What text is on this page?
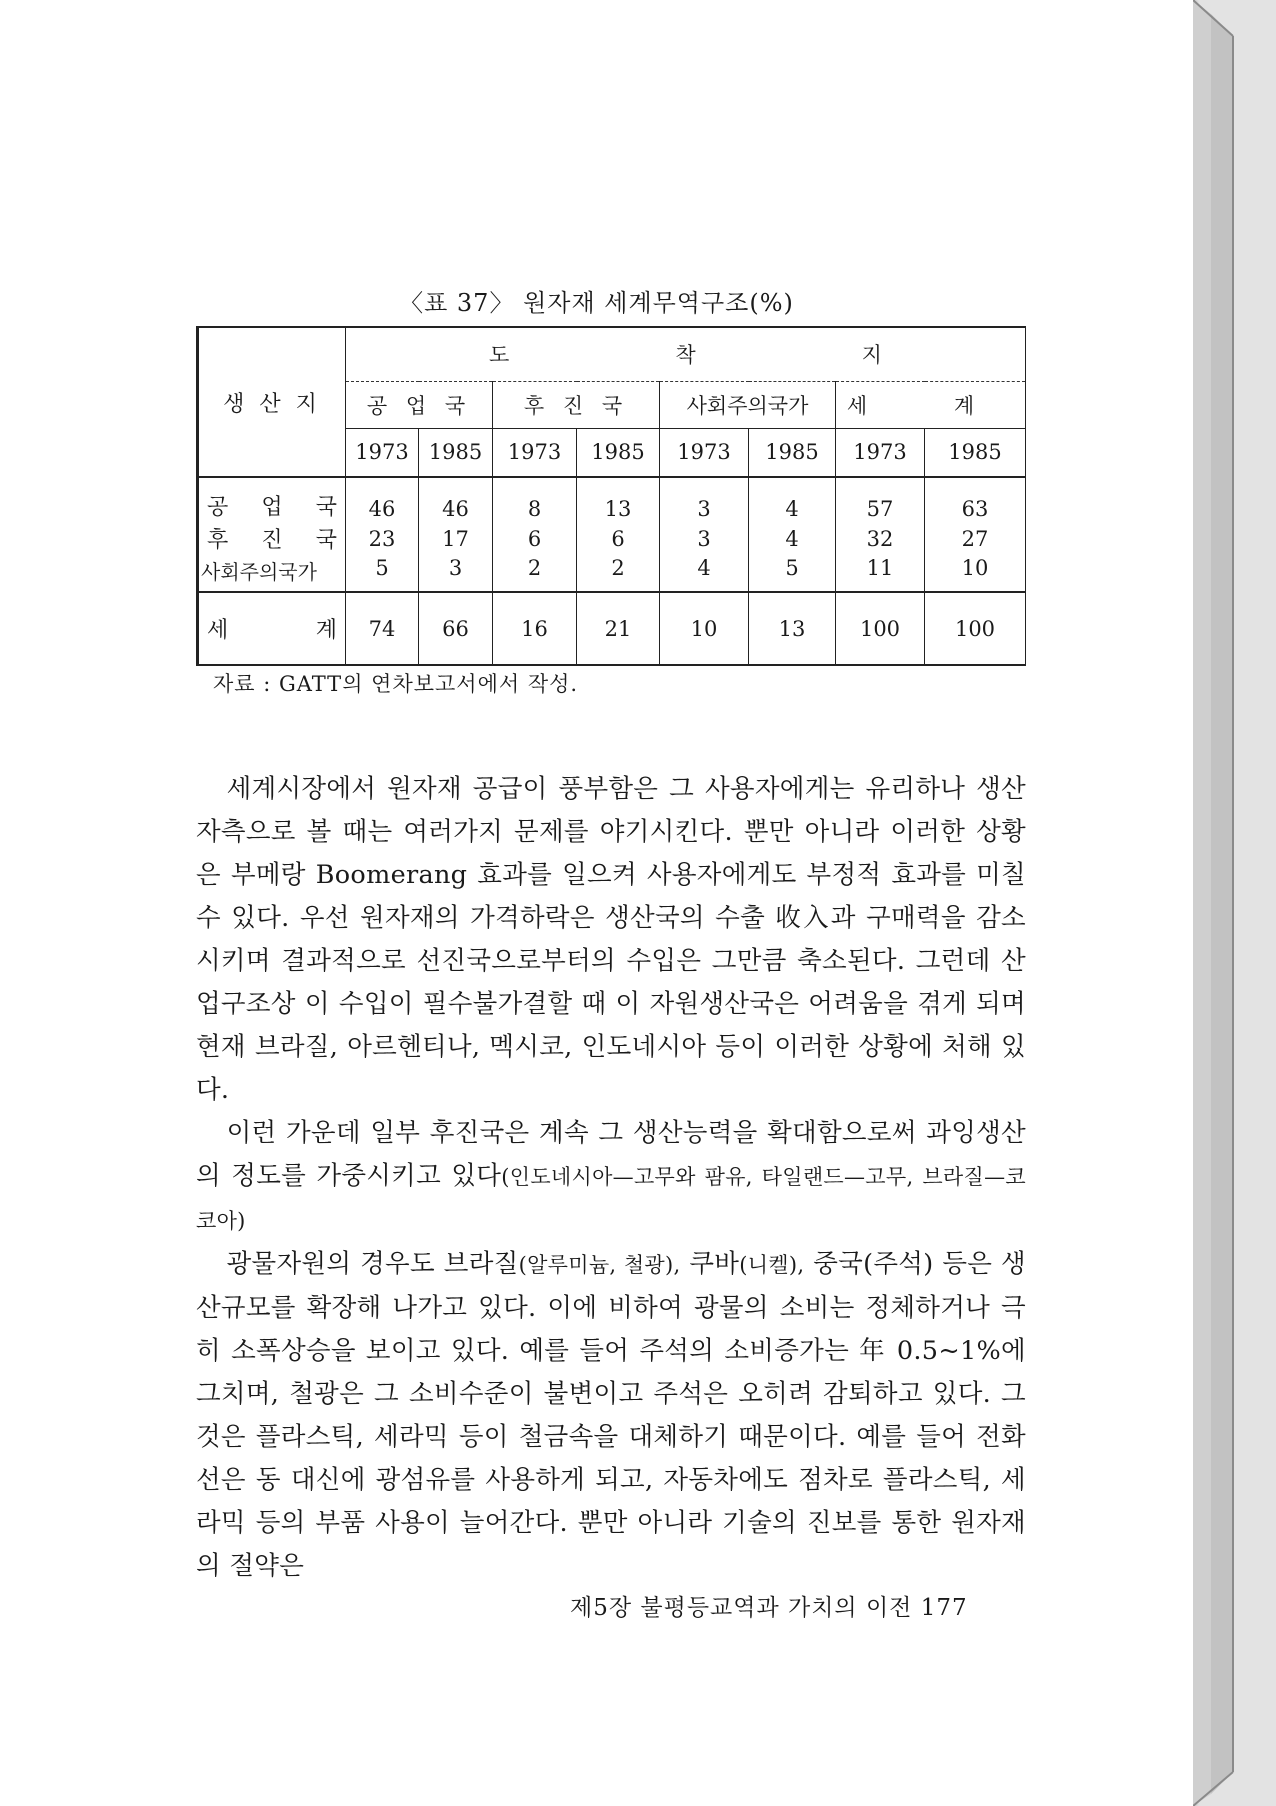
〈표 37〉 원자재 세계무역구조(%)
생 산 지	도 착 지							

	공 업 국		후 진 국		사회주의국가		세 계	
	1973	1985	1973	1985	1973	1985	1973	1985
공 업 국	46	46	8	13	3	4	57	63
후 진 국	23	17	6	6	3	4	32	27
사회주의국가	5	3	2	2	4	5	11	10
세 계	74	66	16	21	10	13	100	100
자료 : GATT의 연차보고서에서 작성.

세계시장에서 원자재 공급이 풍부함은 그 사용자에게는 유리하나 생산자측으로 볼 때는 여러가지 문제를 야기시킨다. 뿐만 아니라 이러한 상황은 부메랑 Boomerang 효과를 일으켜 사용자에게도 부정적 효과를 미칠 수 있다. 우선 원자재의 가격하락은 생산국의 수출 收入과 구매력을 감소시키며 결과적으로 선진국으로부터의 수입은 그만큼 축소된다. 그런데 산업구조상 이 수입이 필수불가결할 때 이 자원생산국은 어려움을 겪게 되며 현재 브라질, 아르헨티나, 멕시코, 인도네시아 등이 이러한 상황에 처해 있다.

이런 가운데 일부 후진국은 계속 그 생산능력을 확대함으로써 과잉생산의 정도를 가중시키고 있다(인도네시아—고무와 팜유, 타일랜드—고무, 브라질—코코아)

광물자원의 경우도 브라질(알루미늄, 철광), 쿠바(니켈), 중국(주석) 등은 생산규모를 확장해 나가고 있다. 이에 비하여 광물의 소비는 정체하거나 극히 소폭상승을 보이고 있다. 예를 들어 주석의 소비증가는 年 0.5~1%에 그치며, 철광은 그 소비수준이 불변이고 주석은 오히려 감퇴하고 있다. 그것은 플라스틱, 세라믹 등이 철금속을 대체하기 때문이다. 예를 들어 전화선은 동 대신에 광섬유를 사용하게 되고, 자동차에도 점차로 플라스틱, 세라믹 등의 부품 사용이 늘어간다. 뿐만 아니라 기술의 진보를 통한 원자재의 절약은

제5장 불평등교역과 가치의 이전 177
